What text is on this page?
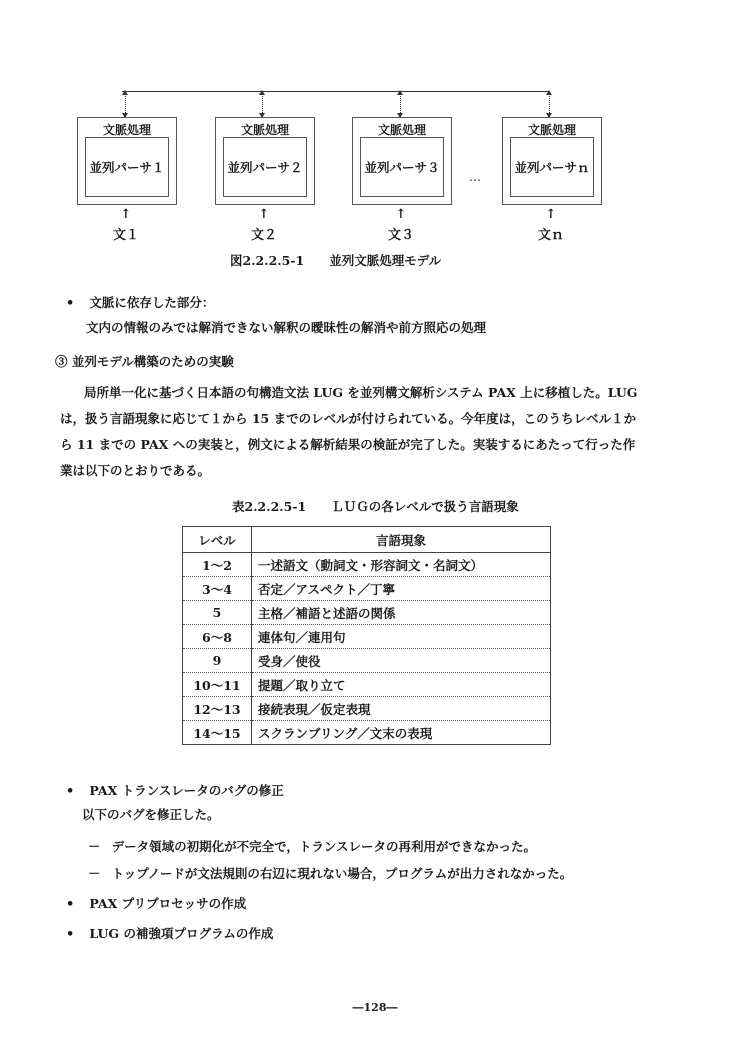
文脈処理
並列パーサ１
文脈処理
並列パーサ２
文脈処理
並列パーサ３
…
文脈処理
並列パーサｎ
↑	↑	↑	↑
文１	文２	文３	文ｎ
図2.2.2.5-1　　並列文脈処理モデル
• 文脈に依存した部分：
文内の情報のみでは解消できない解釈の曖昧性の解消や前方照応の処理
③ 並列モデル構築のための実験
局所単一化に基づく日本語の句構造文法 LUG を並列構文解析システム PAX 上に移植した。LUG
は，扱う言語現象に応じて１から 15 までのレベルが付けられている。今年度は，このうちレベル１か
ら 11 までの PAX への実装と，例文による解析結果の検証が完了した。実装するにあたって行った作
業は以下のとおりである。
表2.2.2.5-1　　ＬＵＧの各レベルで扱う言語現象
レベル	言語現象
1～2	一述語文（動詞文・形容詞文・名詞文）
3～4	否定／アスペクト／丁寧
5	主格／補語と述語の関係
6～8	連体句／連用句
9	受身／使役
10～11	提題／取り立て
12～13	接続表現／仮定表現
14～15	スクランブリング／文末の表現
• PAX トランスレータのバグの修正
以下のバグを修正した。
－ データ領域の初期化が不完全で，トランスレータの再利用ができなかった。
－ トップノードが文法規則の右辺に現れない場合，プログラムが出力されなかった。
• PAX プリプロセッサの作成
• LUG の補強項プログラムの作成
―128―
